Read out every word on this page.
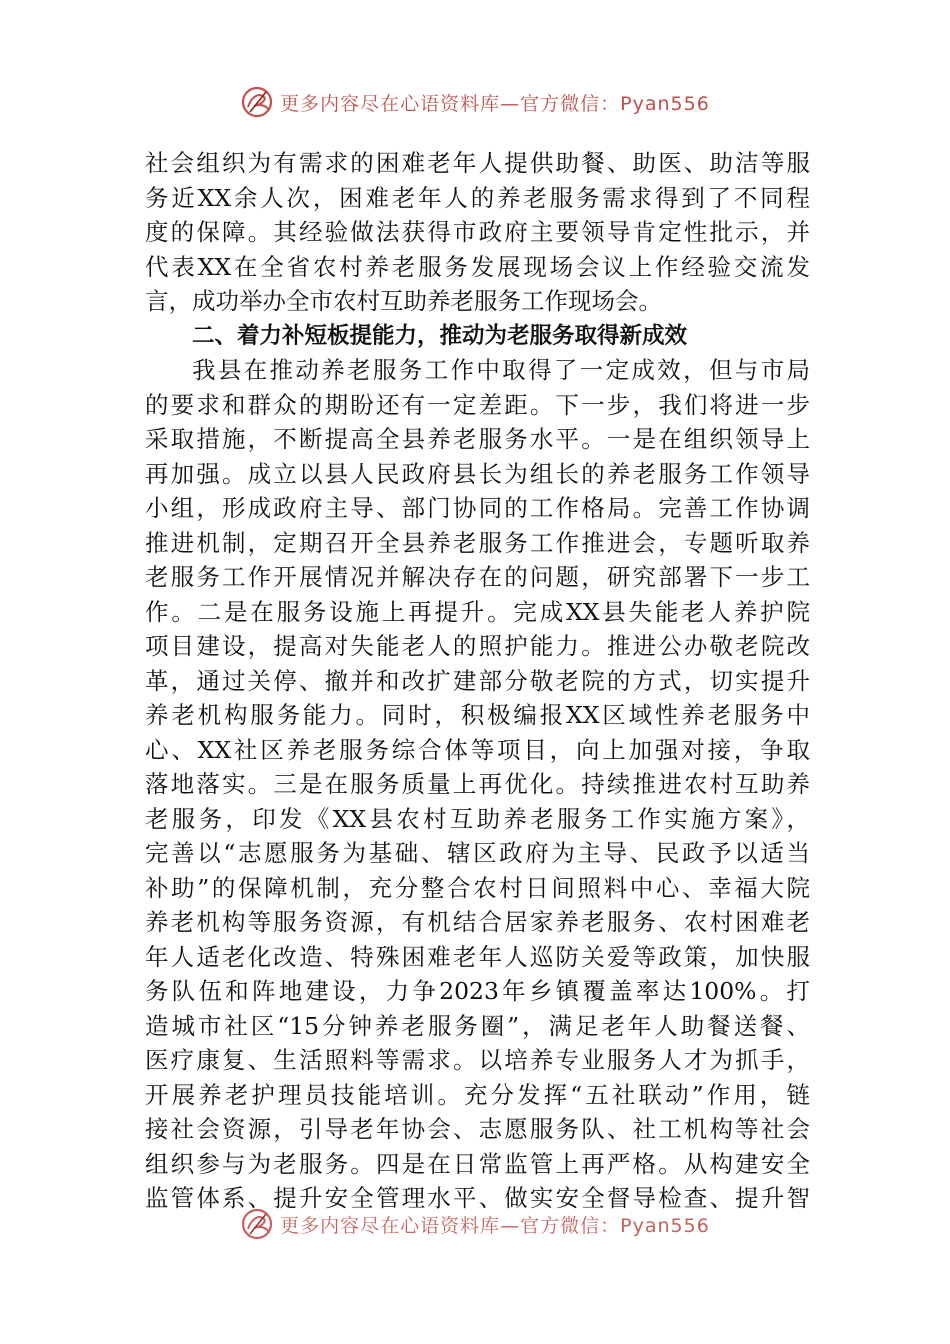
更多内容尽在心语资料库—官方微信：Pyan556
社会组织为有需求的困难老年人提供助餐、助医、助洁等服
务近XX余人次，困难老年人的养老服务需求得到了不同程
度的保障。其经验做法获得市政府主要领导肯定性批示，并
代表XX在全省农村养老服务发展现场会议上作经验交流发
言，成功举办全市农村互助养老服务工作现场会。
二、着力补短板提能力，推动为老服务取得新成效
我县在推动养老服务工作中取得了一定成效，但与市局
的要求和群众的期盼还有一定差距。下一步，我们将进一步
采取措施，不断提高全县养老服务水平。一是在组织领导上
再加强。成立以县人民政府县长为组长的养老服务工作领导
小组，形成政府主导、部门协同的工作格局。完善工作协调
推进机制，定期召开全县养老服务工作推进会，专题听取养
老服务工作开展情况并解决存在的问题，研究部署下一步工
作。二是在服务设施上再提升。完成XX县失能老人养护院
项目建设，提高对失能老人的照护能力。推进公办敬老院改
革，通过关停、撤并和改扩建部分敬老院的方式，切实提升
养老机构服务能力。同时，积极编报XX区域性养老服务中
心、XX社区养老服务综合体等项目，向上加强对接，争取
落地落实。三是在服务质量上再优化。持续推进农村互助养
老服务，印发《XX县农村互助养老服务工作实施方案》，
完善以“志愿服务为基础、辖区政府为主导、民政予以适当
补助”的保障机制，充分整合农村日间照料中心、幸福大院
养老机构等服务资源，有机结合居家养老服务、农村困难老
年人适老化改造、特殊困难老年人巡防关爱等政策，加快服
务队伍和阵地建设，力争2023年乡镇覆盖率达100%。打
造城市社区“15分钟养老服务圈”，满足老年人助餐送餐、
医疗康复、生活照料等需求。以培养专业服务人才为抓手，
开展养老护理员技能培训。充分发挥“五社联动”作用，链
接社会资源，引导老年协会、志愿服务队、社工机构等社会
组织参与为老服务。四是在日常监管上再严格。从构建安全
监管体系、提升安全管理水平、做实安全督导检查、提升智
更多内容尽在心语资料库—官方微信：Pyan556
